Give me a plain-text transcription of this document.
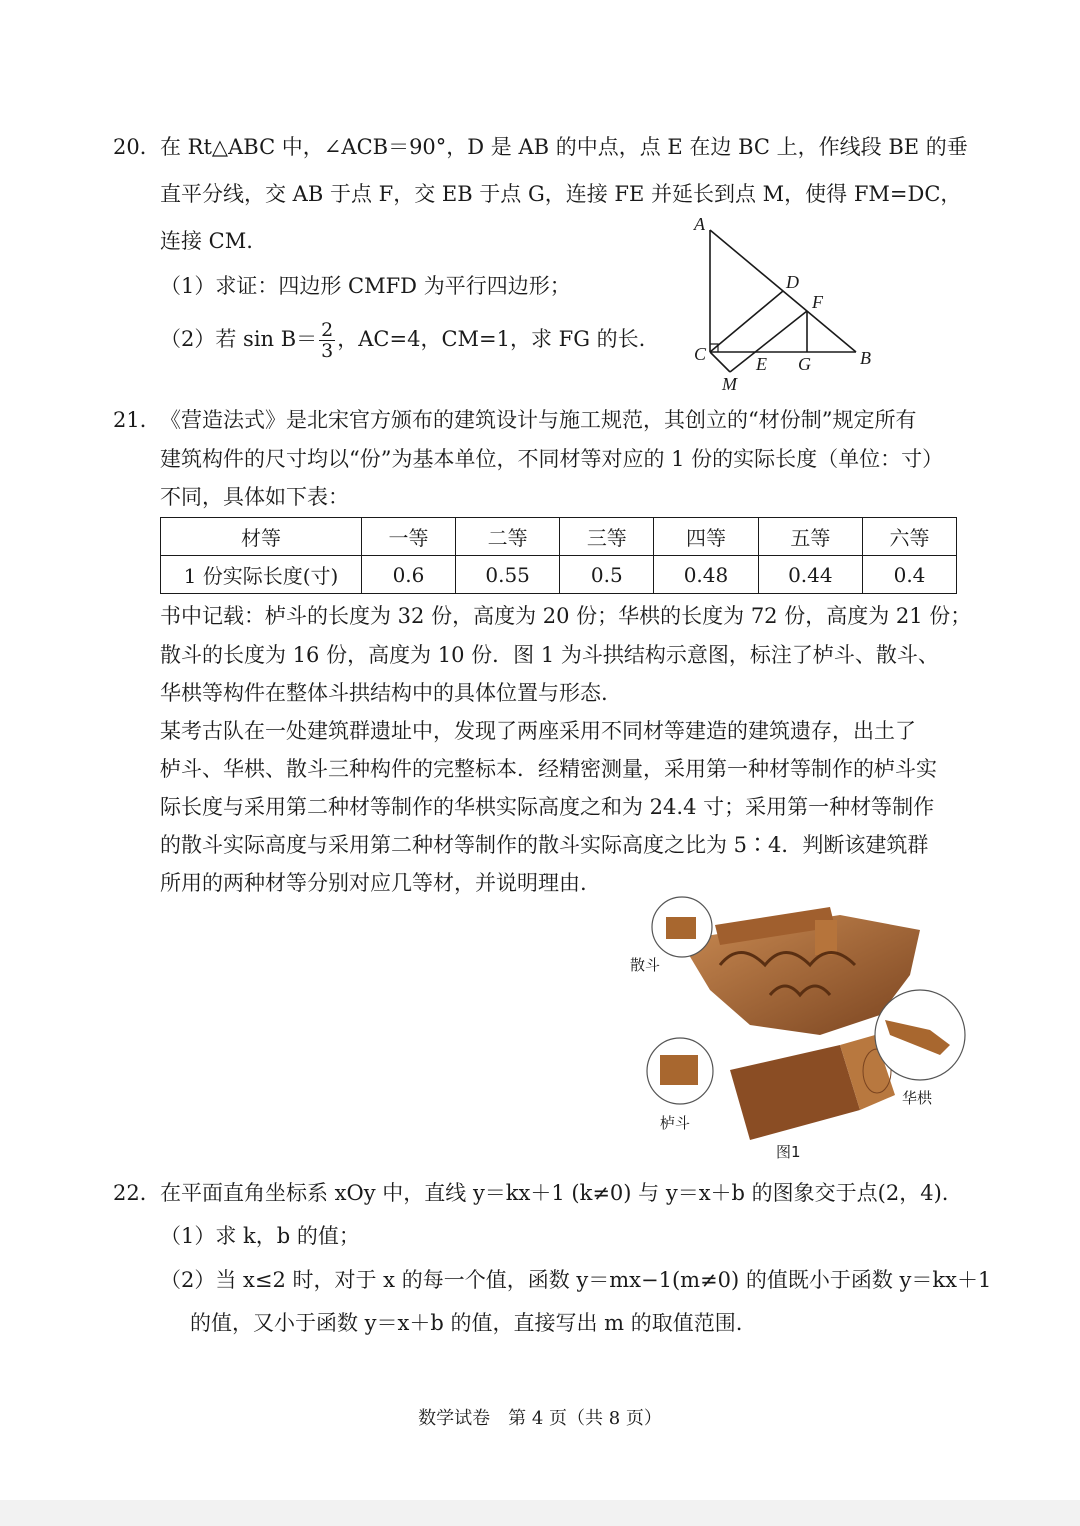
20． 在 Rt△ABC 中，∠ACB＝90°，D 是 AB 的中点，点 E 在边 BC 上，作线段 BE 的垂
直平分线，交 AB 于点 F，交 EB 于点 G，连接 FE 并延长到点 M，使得 FM=DC，
连接 CM.
（1）求证：四边形 CMFD 为平行四边形；
（2）若 $\sin B= \frac{2}{3}$ ，AC=4，CM=1，求 FG 的长.
A
D
F
C	E G	B
M
21． 《营造法式》是北宋官方颁布的建筑设计与施工规范，其创立的“材份制”规定所有
建筑构件的尺寸均以“份”为基本单位，不同材等对应的 1 份的实际长度（单位：寸）
不同，具体如下表：
材等	一等	二等	三等	四等	五等	六等
1 份实际长度(寸)	0.6	0.55	0.5	0.48	0.44	0.4
书中记载：栌斗的长度为 32 份，高度为 20 份；华栱的长度为 72 份，高度为 21 份；
散斗的长度为 16 份，高度为 10 份．图 1 为斗拱结构示意图，标注了栌斗、散斗、
华栱等构件在整体斗拱结构中的具体位置与形态.
某考古队在一处建筑群遗址中，发现了两座采用不同材等建造的建筑遗存，出土了
栌斗、华栱、散斗三种构件的完整标本．经精密测量，采用第一种材等制作的栌斗实
际长度与采用第二种材等制作的华栱实际高度之和为 24.4 寸；采用第一种材等制作
的散斗实际高度与采用第二种材等制作的散斗实际高度之比为 5∶4．判断该建筑群
所用的两种材等分别对应几等材，并说明理由.
散斗
栌斗
华栱
图1
22． 在平面直角坐标系 xOy 中，直线 y＝kx＋1 (k≠0) 与 y＝x＋b 的图象交于点(2，4).
（1）求 k，b 的值；
（2）当 x≤2 时，对于 x 的每一个值，函数 y＝mx−1(m≠0) 的值既小于函数 y＝kx＋1
的值，又小于函数 y＝x＋b 的值，直接写出 m 的取值范围.
数学试卷　第 4 页（共 8 页）
